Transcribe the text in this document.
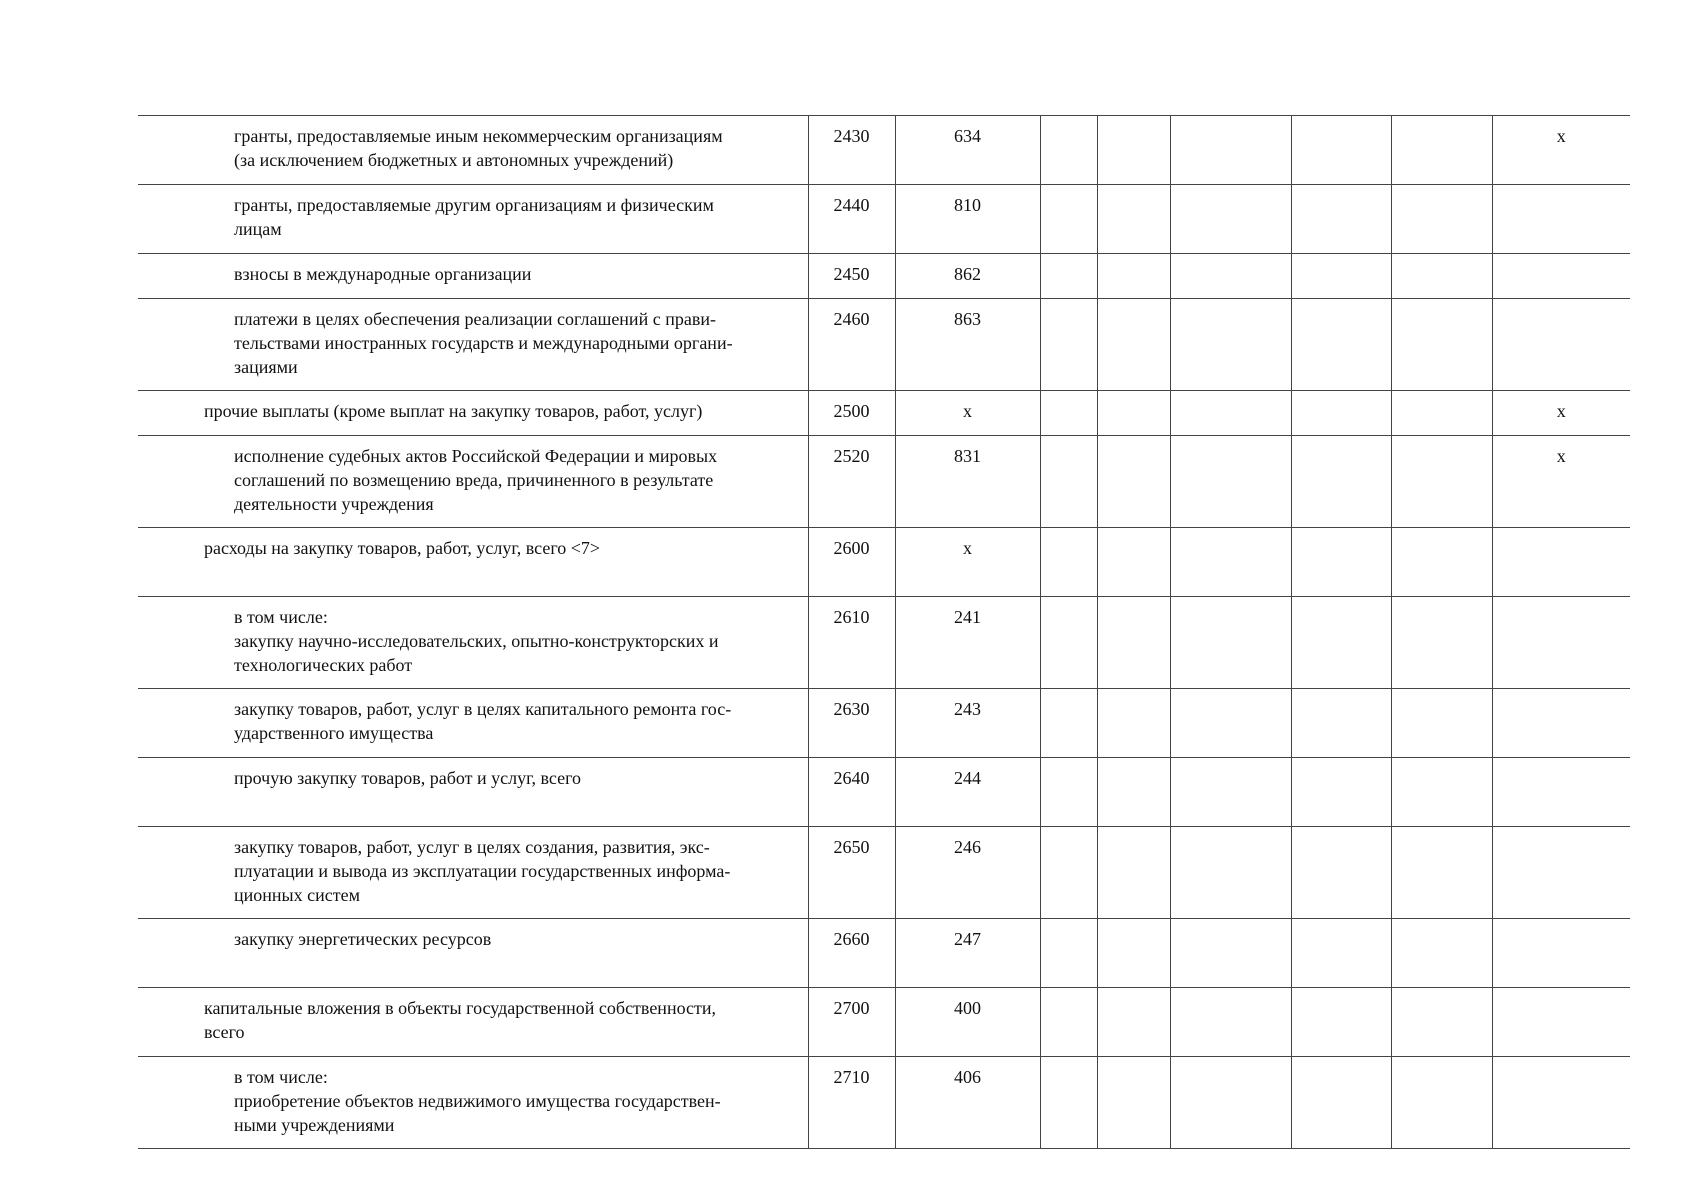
гранты, предоставляемые иным некоммерческим организациям
(за исключением бюджетных и автономных учреждений)	2430	634						х

гранты, предоставляемые другим организациям и физическим
лицам	2440	810						

взносы в международные организации	2450	862						

платежи в целях обеспечения реализации соглашений с прави-
тельствами иностранных государств и международными органи-
зациями	2460	863						

прочие выплаты (кроме выплат на закупку товаров, работ, услуг)	2500	х						х

исполнение судебных актов Российской Федерации и мировых
соглашений по возмещению вреда, причиненного в результате
деятельности учреждения	2520	831						х

расходы на закупку товаров, работ, услуг, всего <7>	2600	х						

в том числе:
закупку научно-исследовательских, опытно-конструкторских и
технологических работ	2610	241						

закупку товаров, работ, услуг в целях капитального ремонта гос-
ударственного имущества	2630	243						

прочую закупку товаров, работ и услуг, всего	2640	244						

закупку товаров, работ, услуг в целях создания, развития, экс-
плуатации и вывода из эксплуатации государственных информа-
ционных систем	2650	246						

закупку энергетических ресурсов	2660	247						

капитальные вложения в объекты государственной собственности,
всего	2700	400						

в том числе:
приобретение объектов недвижимого имущества государствен-
ными учреждениями	2710	406						
